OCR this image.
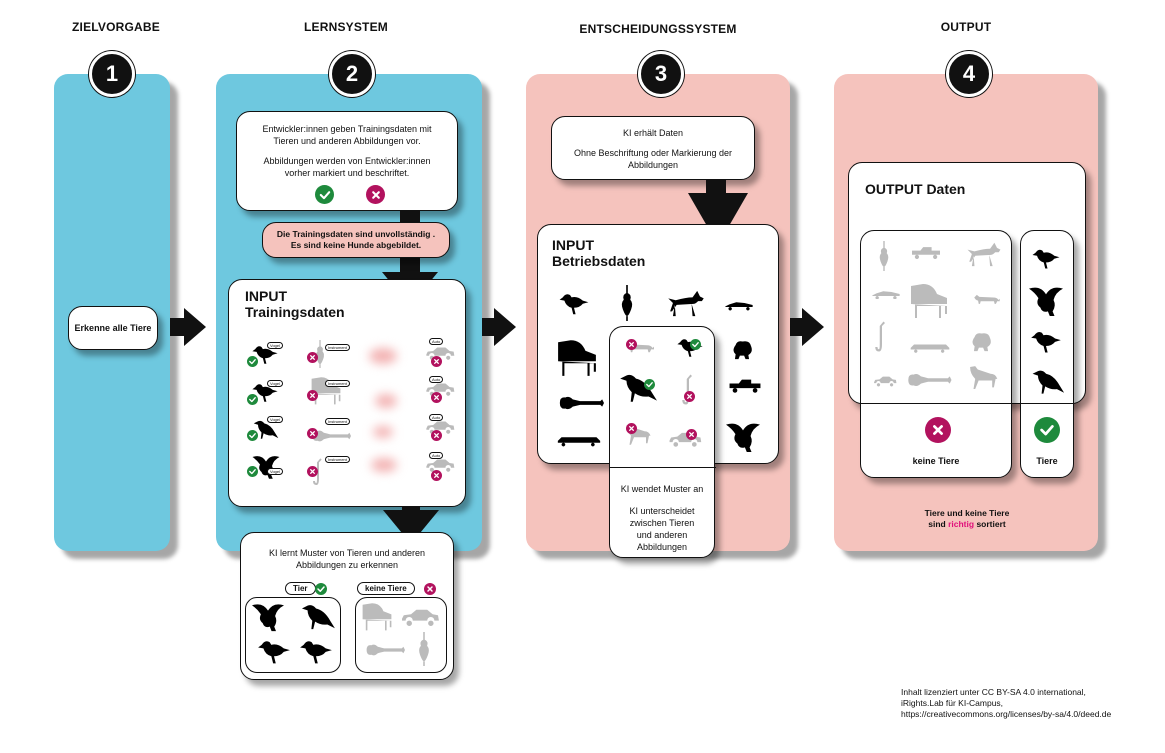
ZIELVORGABE	LERNSYSTEM	ENTSCHEIDUNGSSYSTEM	OUTPUT
1	2	3	4
Erkenne alle Tiere
Entwickler:innen geben Trainingsdaten mit
Tieren und anderen Abbildungen vor.
Abbildungen werden von Entwickler:innen
vorher markiert und beschriftet.
Die Trainingsdaten sind unvollständig .
Es sind keine Hunde abgebildet.
INPUT
Trainingsdaten
Vogel
Vogel
Vogel
Vogel
Instrument
Instrument
Instrument
Instrument
Auto
Auto
Auto
Auto
KI lernt Muster von Tieren und anderen
Abbildungen zu erkennen
Tier	keine Tiere
KI erhält Daten
Ohne Beschriftung oder Markierung der
Abbildungen
INPUT
Betriebsdaten
KI wendet Muster an
KI unterscheidet
zwischen Tieren
und anderen
Abbildungen
OUTPUT Daten
keine Tiere	Tiere
Tiere und keine Tiere
sind richtig sortiert
Inhalt lizenziert unter CC BY-SA 4.0 international,
iRights.Lab für KI-Campus,
https://creativecommons.org/licenses/by-sa/4.0/deed.de
